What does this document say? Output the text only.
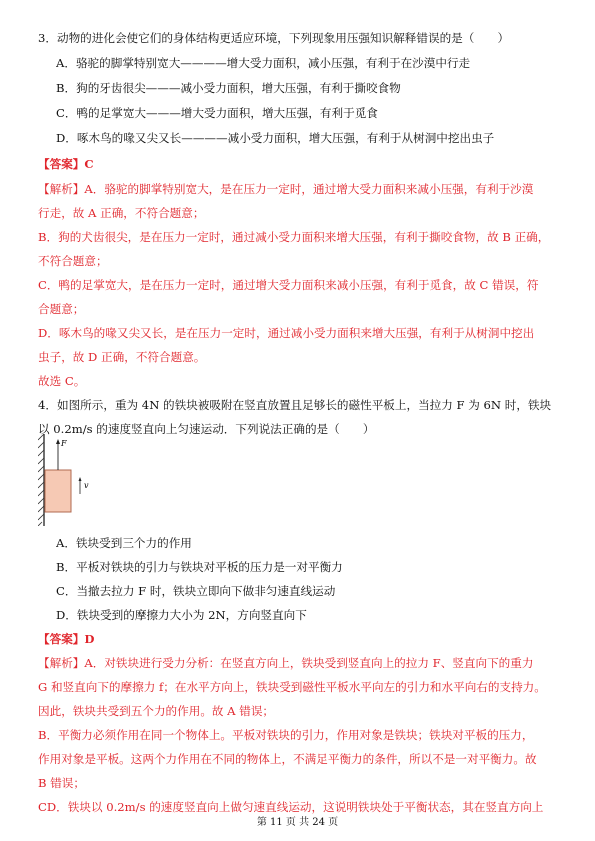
3．动物的进化会使它们的身体结构更适应环境，下列现象用压强知识解释错误的是（　　）
A．骆驼的脚掌特别宽大————增大受力面积，减小压强，有利于在沙漠中行走
B．狗的牙齿很尖———减小受力面积，增大压强，有利于撕咬食物
C．鸭的足掌宽大———增大受力面积，增大压强，有利于觅食
D．啄木鸟的喙又尖又长————减小受力面积，增大压强，有利于从树洞中挖出虫子
【答案】C
【解析】A．骆驼的脚掌特别宽大，是在压力一定时，通过增大受力面积来减小压强，有利于沙漠
行走，故 A 正确，不符合题意；
B．狗的犬齿很尖，是在压力一定时，通过减小受力面积来增大压强，有利于撕咬食物，故 B 正确，
不符合题意；
C．鸭的足掌宽大，是在压力一定时，通过增大受力面积来减小压强，有利于觅食，故 C 错误，符
合题意；
D．啄木鸟的喙又尖又长，是在压力一定时，通过减小受力面积来增大压强，有利于从树洞中挖出
虫子，故 D 正确，不符合题意。
故选 C。
4．如图所示，重为 4N 的铁块被吸附在竖直放置且足够长的磁性平板上，当拉力 F 为 6N 时，铁块
以 0.2m/s 的速度竖直向上匀速运动．下列说法正确的是（　　）
F
v
A．铁块受到三个力的作用
B．平板对铁块的引力与铁块对平板的压力是一对平衡力
C．当撤去拉力 F 时，铁块立即向下做非匀速直线运动
D．铁块受到的摩擦力大小为 2N，方向竖直向下
【答案】D
【解析】A．对铁块进行受力分析：在竖直方向上，铁块受到竖直向上的拉力 F、竖直向下的重力
G 和竖直向下的摩擦力 f；在水平方向上，铁块受到磁性平板水平向左的引力和水平向右的支持力。
因此，铁块共受到五个力的作用。故 A 错误；
B．平衡力必须作用在同一个物体上。平板对铁块的引力，作用对象是铁块；铁块对平板的压力，
作用对象是平板。这两个力作用在不同的物体上，不满足平衡力的条件，所以不是一对平衡力。故
B 错误；
CD．铁块以 0.2m/s 的速度竖直向上做匀速直线运动，这说明铁块处于平衡状态，其在竖直方向上
第 11 页 共 24 页
